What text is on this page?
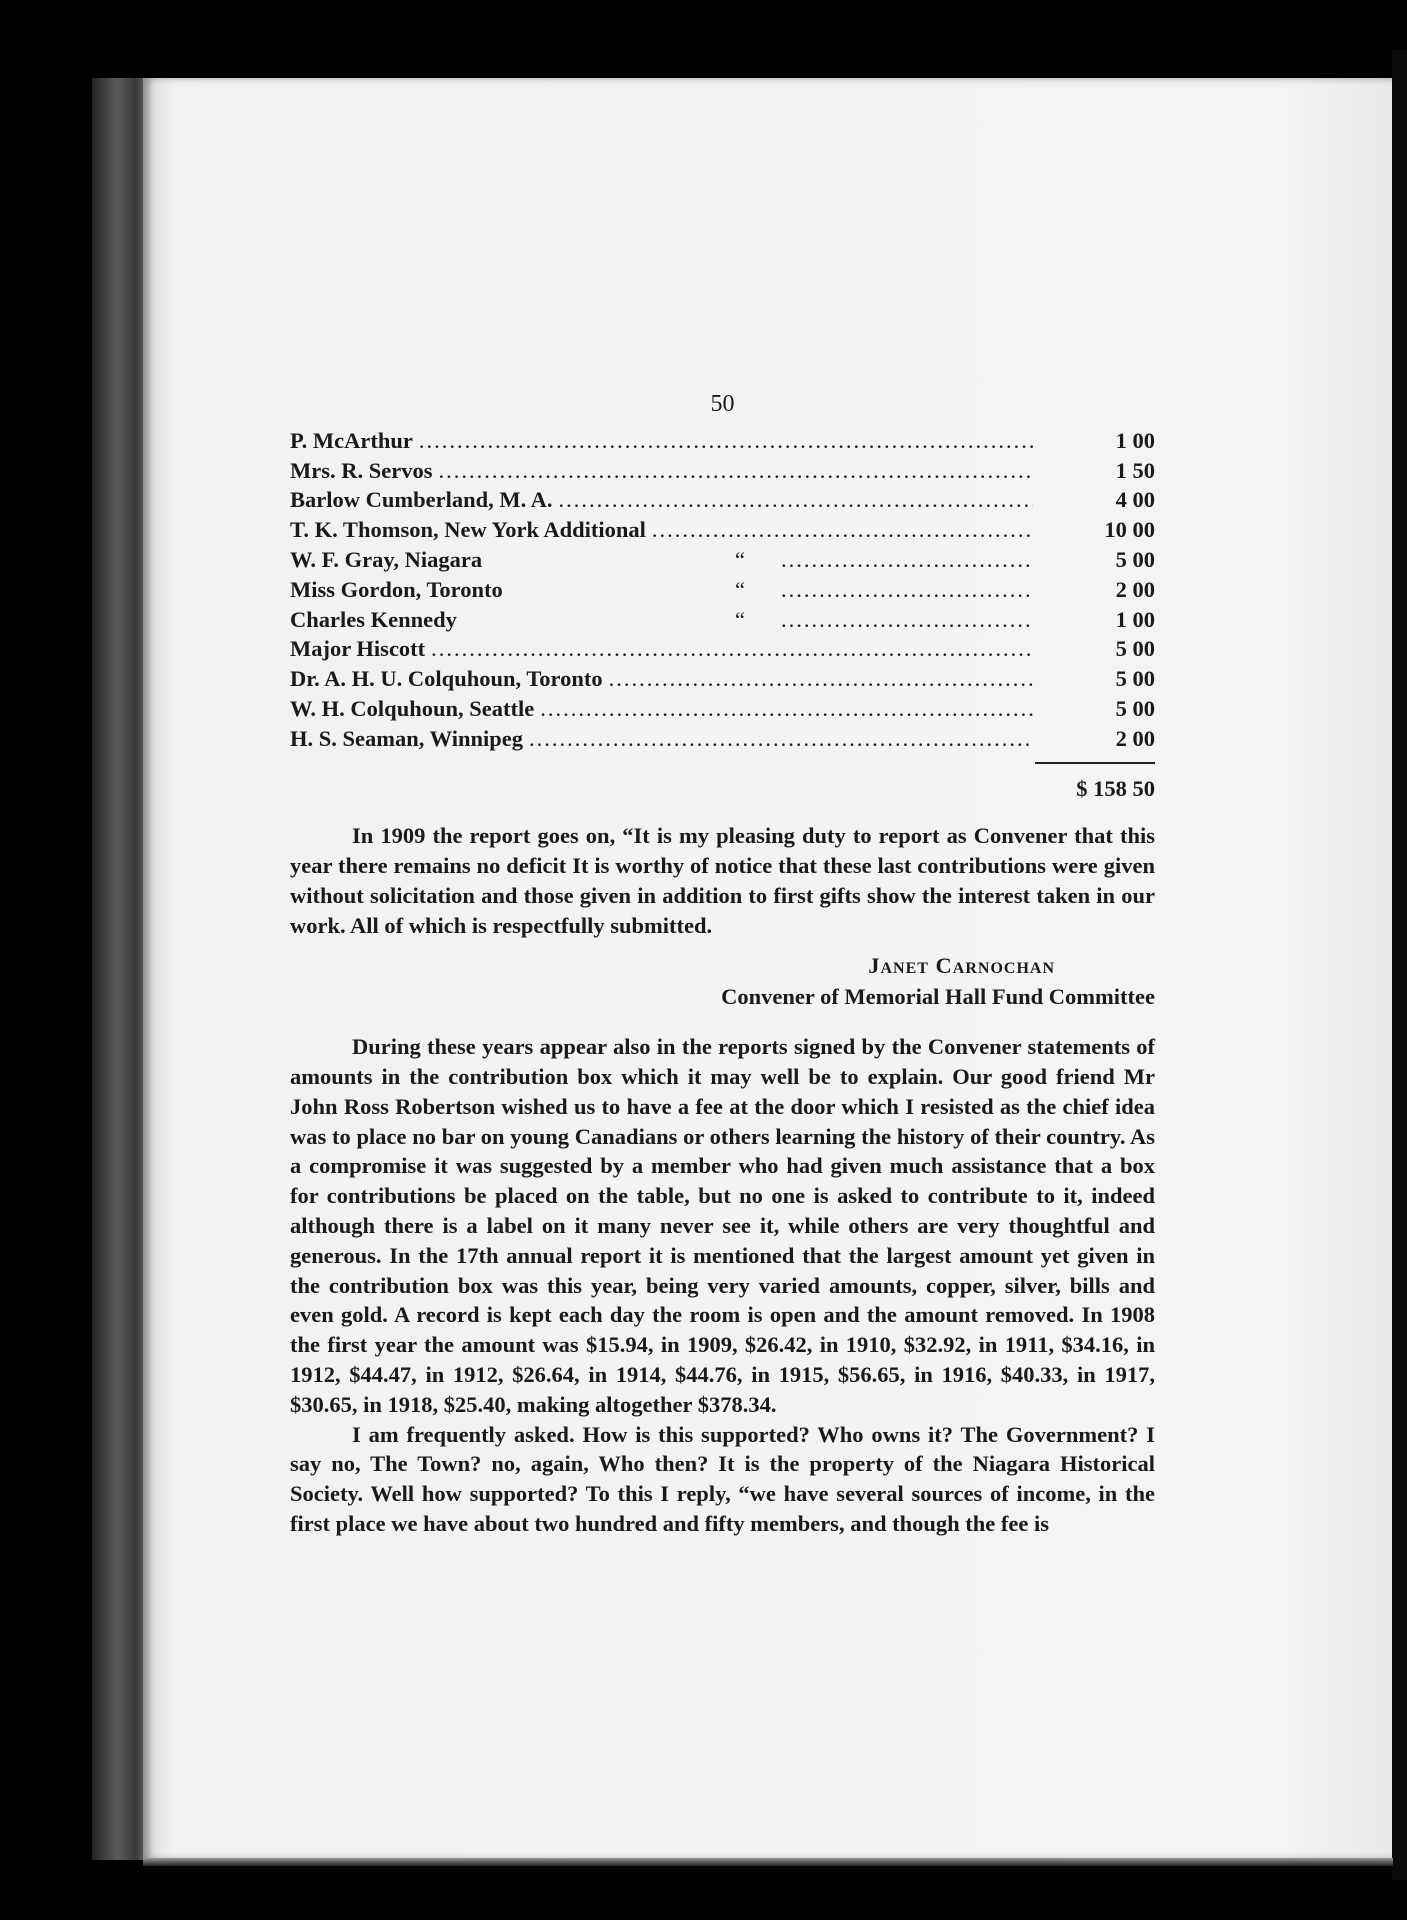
50
P. McArthur .....	1 00
Mrs. R. Servos .....	1 50
Barlow Cumberland, M. A. .....	4 00
T. K. Thomson, New York Additional .....	10 00
W. F. Gray, Niagara	“ .....	5 00
Miss Gordon, Toronto	“ .....	2 00
Charles Kennedy	“ .....	1 00
Major Hiscott .....	5 00
Dr. A. H. U. Colquhoun, Toronto .....	5 00
W. H. Colquhoun, Seattle .....	5 00
H. S. Seaman, Winnipeg .....	2 00
$ 158 50

In 1909 the report goes on, “It is my pleasing duty to report as Convener that this year there remains no deficit It is worthy of notice that these last contributions were given without solicitation and those given in addition to first gifts show the interest taken in our work. All of which is respectfully submitted.

Janet Carnochan
Convener of Memorial Hall Fund Committee

During these years appear also in the reports signed by the Convener statements of amounts in the contribution box which it may well be to explain. Our good friend Mr John Ross Robertson wished us to have a fee at the door which I resisted as the chief idea was to place no bar on young Canadians or others learning the history of their country. As a compromise it was suggested by a member who had given much assistance that a box for contributions be placed on the table, but no one is asked to contribute to it, indeed although there is a label on it many never see it, while others are very thoughtful and generous. In the 17th annual report it is mentioned that the largest amount yet given in the contribution box was this year, being very varied amounts, copper, silver, bills and even gold. A record is kept each day the room is open and the amount removed. In 1908 the first year the amount was $15.94, in 1909, $26.42, in 1910, $32.92, in 1911, $34.16, in 1912, $44.47, in 1912, $26.64, in 1914, $44.76, in 1915, $56.65, in 1916, $40.33, in 1917, $30.65, in 1918, $25.40, making altogether $378.34.

I am frequently asked. How is this supported? Who owns it? The Government? I say no, The Town? no, again, Who then? It is the property of the Niagara Historical Society. Well how supported? To this I reply, “we have several sources of income, in the first place we have about two hundred and fifty members, and though the fee is
